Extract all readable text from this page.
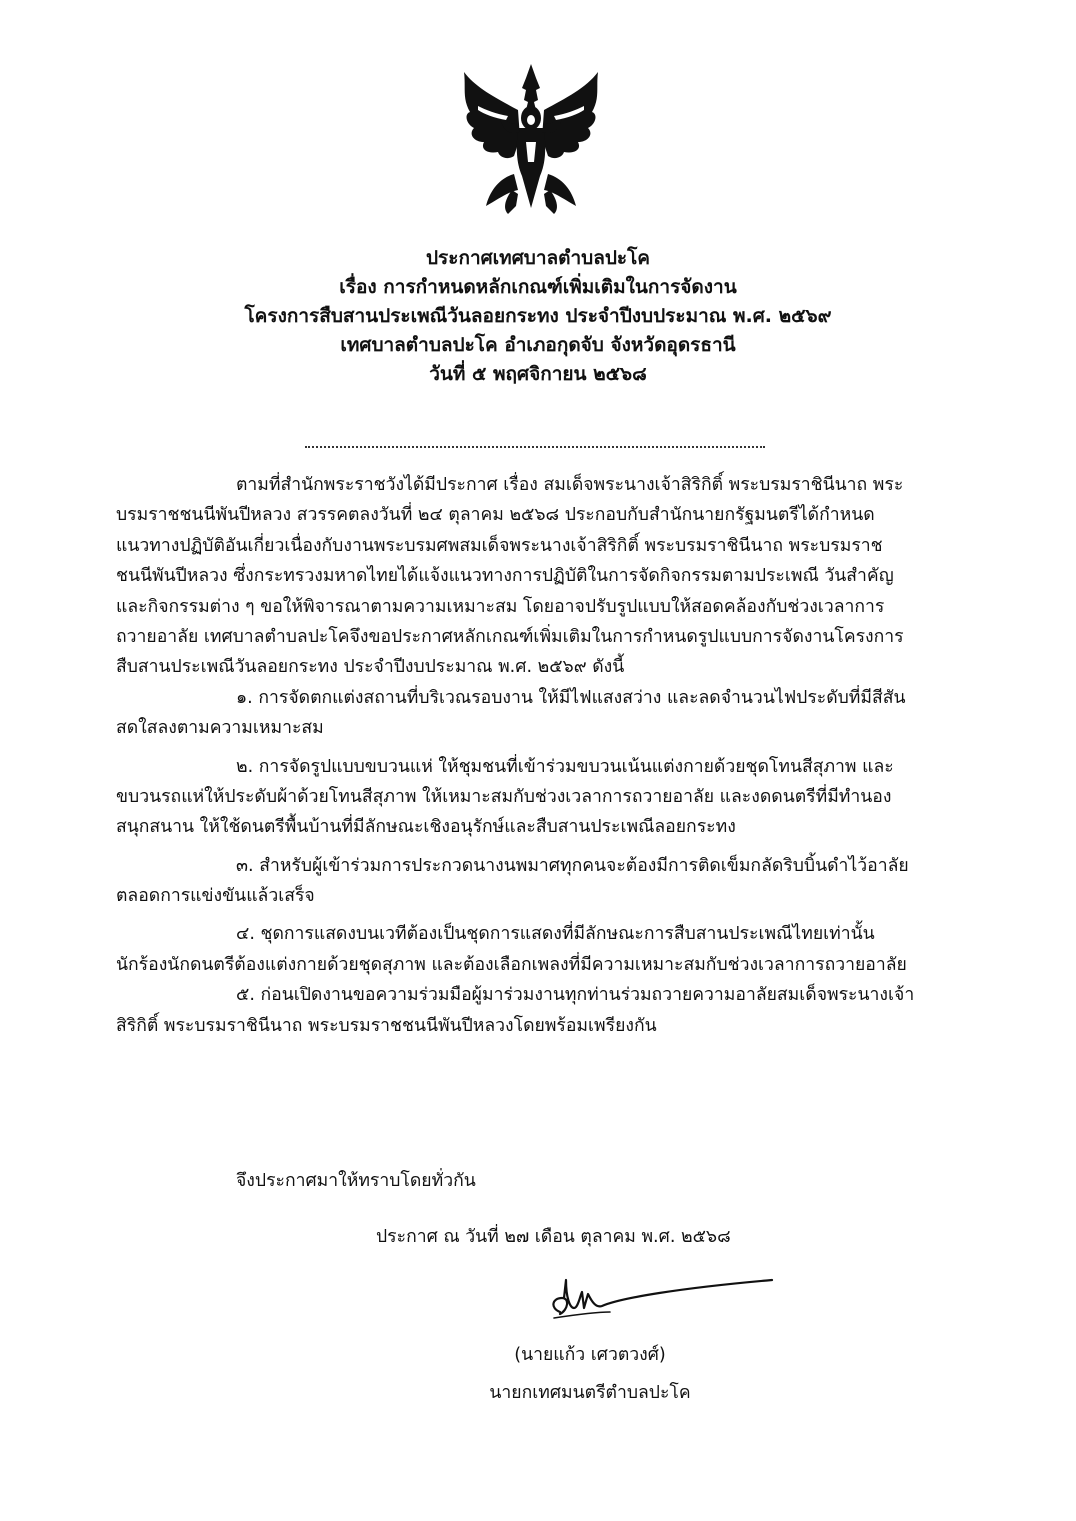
ประกาศเทศบาลตำบลปะโค
เรื่อง การกำหนดหลักเกณฑ์เพิ่มเติมในการจัดงาน
โครงการสืบสานประเพณีวันลอยกระทง ประจำปีงบประมาณ พ.ศ. ๒๕๖๙
เทศบาลตำบลปะโค อำเภอกุดจับ จังหวัดอุดรธานี
วันที่ ๕ พฤศจิกายน ๒๕๖๘
ตามที่สำนักพระราชวังได้มีประกาศ เรื่อง สมเด็จพระนางเจ้าสิริกิติ์ พระบรมราชินีนาถ พระ
บรมราชชนนีพันปีหลวง สวรรคตลงวันที่ ๒๔ ตุลาคม ๒๕๖๘ ประกอบกับสำนักนายกรัฐมนตรีได้กำหนด
แนวทางปฏิบัติอันเกี่ยวเนื่องกับงานพระบรมศพสมเด็จพระนางเจ้าสิริกิติ์ พระบรมราชินีนาถ พระบรมราช
ชนนีพันปีหลวง ซึ่งกระทรวงมหาดไทยได้แจ้งแนวทางการปฏิบัติในการจัดกิจกรรมตามประเพณี วันสำคัญ
และกิจกรรมต่าง ๆ ขอให้พิจารณาตามความเหมาะสม โดยอาจปรับรูปแบบให้สอดคล้องกับช่วงเวลาการ
ถวายอาลัย เทศบาลตำบลปะโคจึงขอประกาศหลักเกณฑ์เพิ่มเติมในการกำหนดรูปแบบการจัดงานโครงการ
สืบสานประเพณีวันลอยกระทง ประจำปีงบประมาณ พ.ศ. ๒๕๖๙ ดังนี้
๑. การจัดตกแต่งสถานที่บริเวณรอบงาน ให้มีไฟแสงสว่าง และลดจำนวนไฟประดับที่มีสีสัน
สดใสลงตามความเหมาะสม
๒. การจัดรูปแบบขบวนแห่ ให้ชุมชนที่เข้าร่วมขบวนเน้นแต่งกายด้วยชุดโทนสีสุภาพ และ
ขบวนรถแห่ให้ประดับผ้าด้วยโทนสีสุภาพ ให้เหมาะสมกับช่วงเวลาการถวายอาลัย และงดดนตรีที่มีทำนอง
สนุกสนาน ให้ใช้ดนตรีพื้นบ้านที่มีลักษณะเชิงอนุรักษ์และสืบสานประเพณีลอยกระทง
๓. สำหรับผู้เข้าร่วมการประกวดนางนพมาศทุกคนจะต้องมีการติดเข็มกลัดริบบิ้นดำไว้อาลัย
ตลอดการแข่งขันแล้วเสร็จ
๔. ชุดการแสดงบนเวทีต้องเป็นชุดการแสดงที่มีลักษณะการสืบสานประเพณีไทยเท่านั้น
นักร้องนักดนตรีต้องแต่งกายด้วยชุดสุภาพ และต้องเลือกเพลงที่มีความเหมาะสมกับช่วงเวลาการถวายอาลัย
๕. ก่อนเปิดงานขอความร่วมมือผู้มาร่วมงานทุกท่านร่วมถวายความอาลัยสมเด็จพระนางเจ้า
สิริกิติ์ พระบรมราชินีนาถ พระบรมราชชนนีพันปีหลวงโดยพร้อมเพรียงกัน
จึงประกาศมาให้ทราบโดยทั่วกัน
ประกาศ ณ วันที่ ๒๗ เดือน ตุลาคม พ.ศ. ๒๕๖๘
(นายแก้ว เศวตวงศ์)
นายกเทศมนตรีตำบลปะโค
